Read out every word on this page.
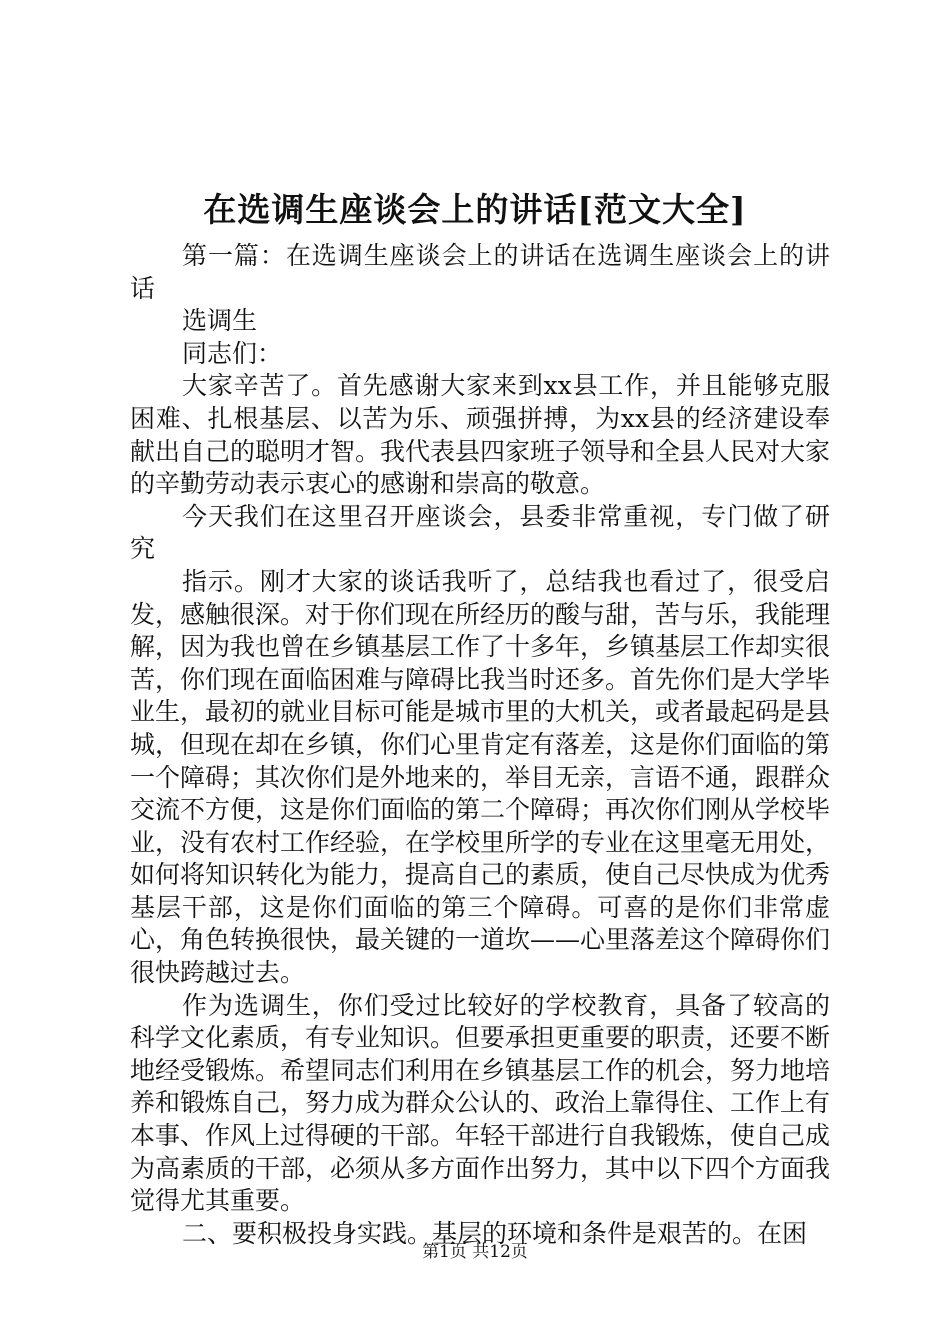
在选调生座谈会上的讲话[范文大全]

第一篇：在选调生座谈会上的讲话在选调生座谈会上的讲话

选调生

同志们：

大家辛苦了。首先感谢大家来到xx县工作，并且能够克服困难、扎根基层、以苦为乐、顽强拼搏，为xx县的经济建设奉献出自己的聪明才智。我代表县四家班子领导和全县人民对大家的辛勤劳动表示衷心的感谢和崇高的敬意。

今天我们在这里召开座谈会，县委非常重视，专门做了研究

指示。刚才大家的谈话我听了，总结我也看过了，很受启发，感触很深。对于你们现在所经历的酸与甜，苦与乐，我能理解，因为我也曾在乡镇基层工作了十多年，乡镇基层工作却实很苦，你们现在面临困难与障碍比我当时还多。首先你们是大学毕业生，最初的就业目标可能是城市里的大机关，或者最起码是县城，但现在却在乡镇，你们心里肯定有落差，这是你们面临的第一个障碍；其次你们是外地来的，举目无亲，言语不通，跟群众交流不方便，这是你们面临的第二个障碍；再次你们刚从学校毕业，没有农村工作经验，在学校里所学的专业在这里毫无用处，如何将知识转化为能力，提高自己的素质，使自己尽快成为优秀基层干部，这是你们面临的第三个障碍。可喜的是你们非常虚心，角色转换很快，最关键的一道坎——心里落差这个障碍你们很快跨越过去。

作为选调生，你们受过比较好的学校教育，具备了较高的科学文化素质，有专业知识。但要承担更重要的职责，还要不断地经受锻炼。希望同志们利用在乡镇基层工作的机会，努力地培养和锻炼自己，努力成为群众公认的、政治上靠得住、工作上有本事、作风上过得硬的干部。年轻干部进行自我锻炼，使自己成为高素质的干部，必须从多方面作出努力，其中以下四个方面我觉得尤其重要。

二、要积极投身实践。基层的环境和条件是艰苦的。在困

第1页 共12页
